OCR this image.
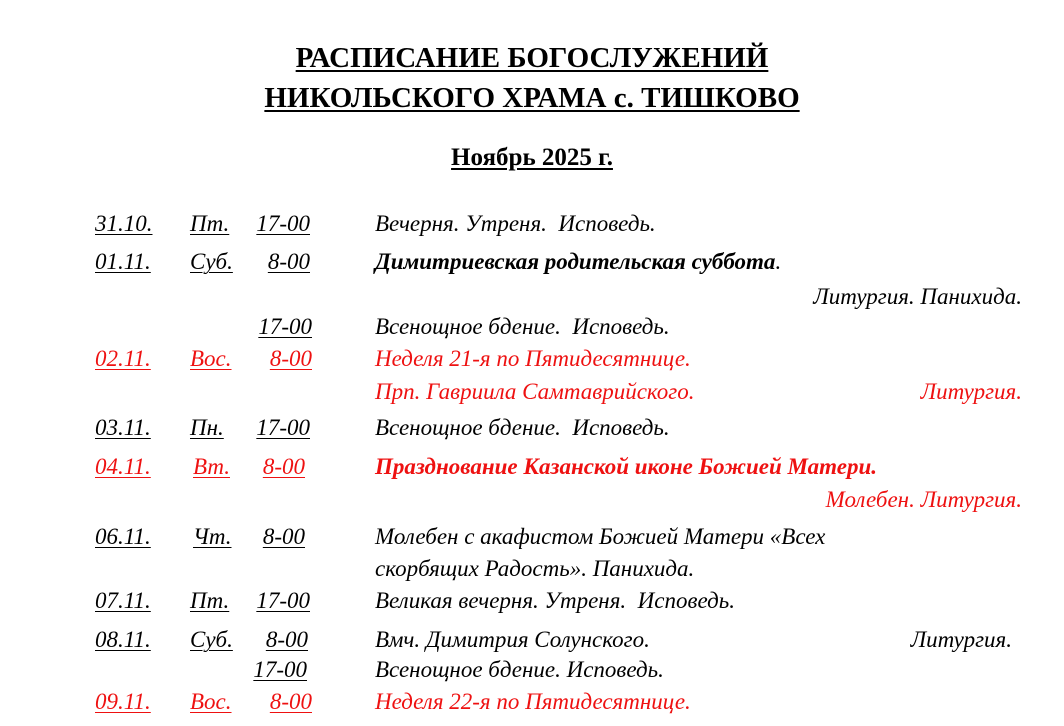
РАСПИСАНИЕ БОГОСЛУЖЕНИЙ
НИКОЛЬСКОГО ХРАМА с. ТИШКОВО
Ноябрь 2025 г.
31.10. Пт.	17-00	Вечерня. Утреня.  Исповедь.
01.11. Суб.	8-00	Димитриевская родительская суббота.
Литургия. Панихида.
17-00	Всенощное бдение.  Исповедь.
02.11. Вос.	8-00	Неделя 21-я по Пятидесятнице.
Прп. Гавриила Самтаврийского.	Литургия.
03.11. Пн.	17-00	Всенощное бдение.  Исповедь.
04.11. Вт.	8-00	Празднование Казанской иконе Божией Матери.
Молебен. Литургия.
06.11. Чт.	8-00	Молебен с акафистом Божией Матери «Всех
скорбящих Радость». Панихида.
07.11. Пт.	17-00	Великая вечерня. Утреня.  Исповедь.
08.11. Суб.	8-00	Вмч. Димитрия Солунского.	Литургия.
17-00	Всенощное бдение. Исповедь.
09.11. Вос.	8-00	Неделя 22-я по Пятидесятнице.
